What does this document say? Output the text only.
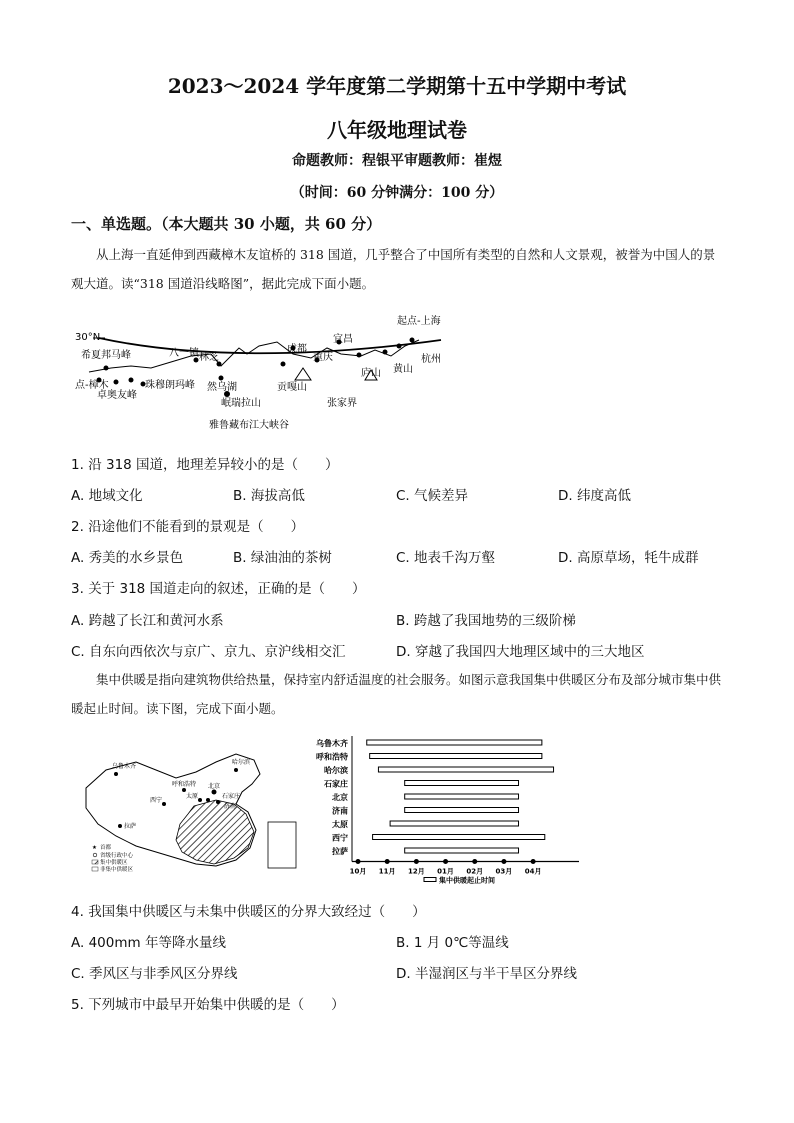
2023～2024 学年度第二学期第十五中学期中考试
八年级地理试卷
命题教师：程银平审题教师：崔煜
（时间：60 分钟满分：100 分）
一、单选题。（本大题共 30 小题，共 60 分）
从上海一直延伸到西藏樟木友谊桥的 318 国道，几乎整合了中国所有类型的自然和人文景观，被誉为中国人的景观大道。读“318 国道沿线略图”，据此完成下面小题。
30°N
起点-上海
杭州
黄山
庐山
宜昌
重庆
张家界
成都
贡嘎山
林芝
八一镇
然乌湖
岷瑞拉山
雅鲁藏布江大峡谷
希夏邦马峰
点-樟木
卓奥友峰
珠穆朗玛峰
1. 沿 318 国道，地理差异较小的是（　　）
A. 地域文化	B. 海拔高低	C. 气候差异	D. 纬度高低
2. 沿途他们不能看到的景观是（　　）
A. 秀美的水乡景色	B. 绿油油的茶树	C. 地表千沟万壑	D. 高原草场，牦牛成群
3. 关于 318 国道走向的叙述，正确的是（　　）
A. 跨越了长江和黄河水系	B. 跨越了我国地势的三级阶梯
C. 自东向西依次与京广、京九、京沪线相交汇	D. 穿越了我国四大地理区域中的三大地区
集中供暖是指向建筑物供给热量，保持室内舒适温度的社会服务。如图示意我国集中供暖区分布及部分城市集中供暖起止时间。读下图，完成下面小题。
乌鲁木齐
哈尔滨
呼和浩特 北京
太原	石家庄
济南
西宁
拉萨
★ 首都
省级行政中心
集中供暖区
非集中供暖区
乌鲁木齐
呼和浩特
哈尔滨
石家庄
北京
济南
太原
西宁
拉萨
10月 11月 12月 01月 02月 03月 04月
集中供暖起止时间
4. 我国集中供暖区与未集中供暖区的分界大致经过（　　）
A. 400mm 年等降水量线	B. 1 月 0℃等温线
C. 季风区与非季风区分界线	D. 半湿润区与半干旱区分界线
5. 下列城市中最早开始集中供暖的是（　　）
